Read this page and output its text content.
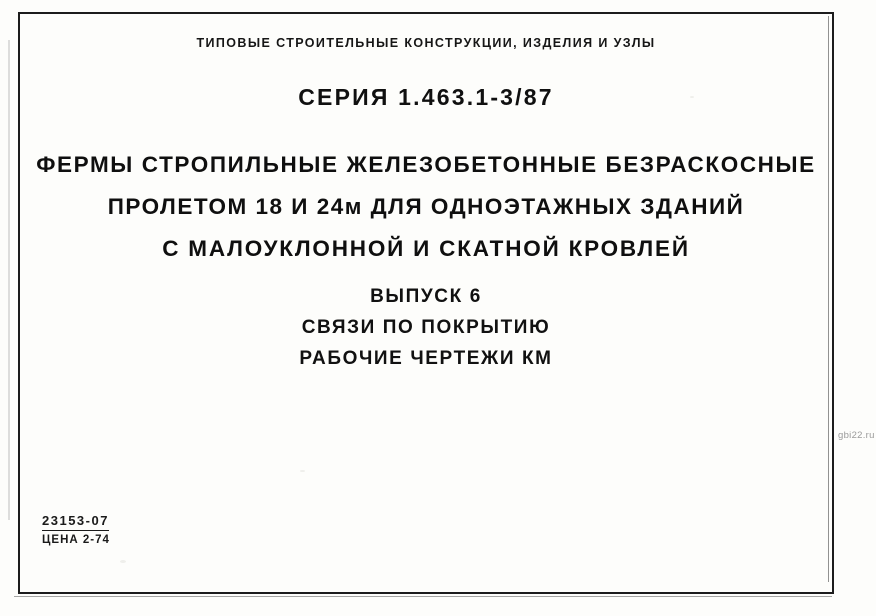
ТИПОВЫЕ СТРОИТЕЛЬНЫЕ КОНСТРУКЦИИ, ИЗДЕЛИЯ И УЗЛЫ
СЕРИЯ 1.463.1-3/87
ФЕРМЫ СТРОПИЛЬНЫЕ ЖЕЛЕЗОБЕТОННЫЕ БЕЗРАСКОСНЫЕ
ПРОЛЕТОМ 18 И 24м ДЛЯ ОДНОЭТАЖНЫХ ЗДАНИЙ
С МАЛОУКЛОННОЙ И СКАТНОЙ КРОВЛЕЙ
ВЫПУСК 6
СВЯЗИ ПО ПОКРЫТИЮ
РАБОЧИЕ ЧЕРТЕЖИ КМ
23153-07
ЦЕНА 2-74
gbi22.ru
